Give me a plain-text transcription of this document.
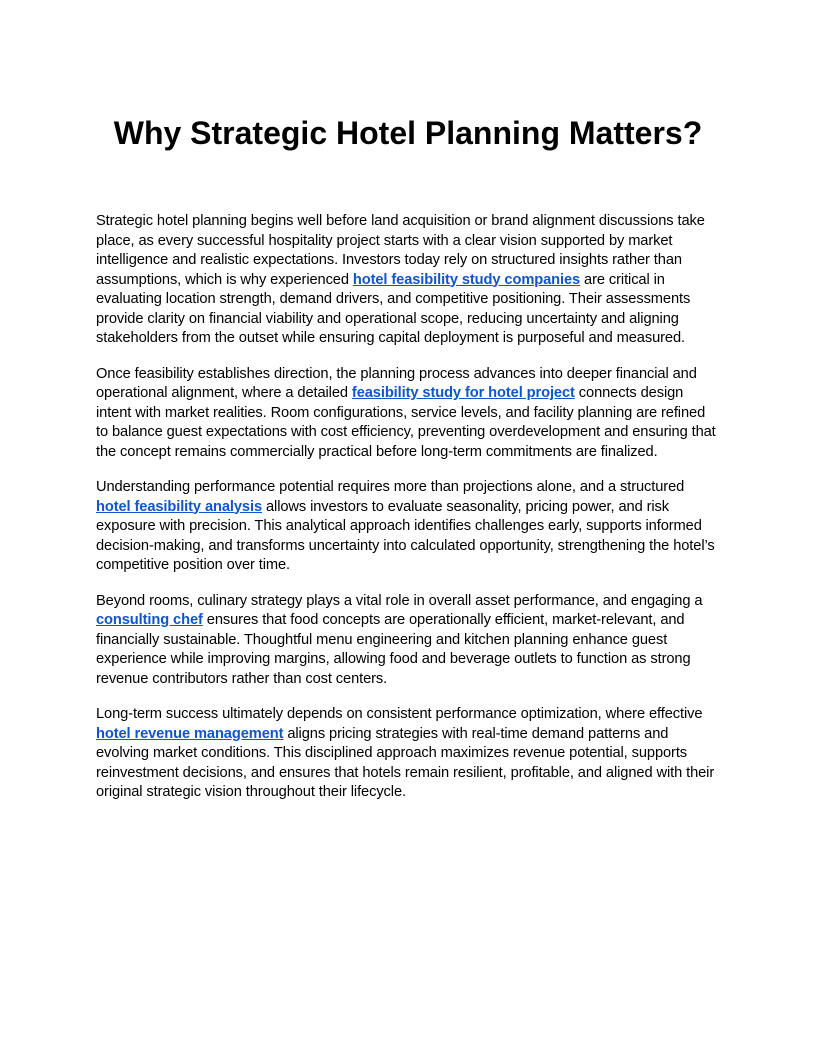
Why Strategic Hotel Planning Matters?

Strategic hotel planning begins well before land acquisition or brand alignment discussions take place, as every successful hospitality project starts with a clear vision supported by market intelligence and realistic expectations. Investors today rely on structured insights rather than assumptions, which is why experienced hotel feasibility study companies are critical in evaluating location strength, demand drivers, and competitive positioning. Their assessments provide clarity on financial viability and operational scope, reducing uncertainty and aligning stakeholders from the outset while ensuring capital deployment is purposeful and measured.

Once feasibility establishes direction, the planning process advances into deeper financial and operational alignment, where a detailed feasibility study for hotel project connects design intent with market realities. Room configurations, service levels, and facility planning are refined to balance guest expectations with cost efficiency, preventing overdevelopment and ensuring that the concept remains commercially practical before long-term commitments are finalized.

Understanding performance potential requires more than projections alone, and a structured hotel feasibility analysis allows investors to evaluate seasonality, pricing power, and risk exposure with precision. This analytical approach identifies challenges early, supports informed decision-making, and transforms uncertainty into calculated opportunity, strengthening the hotel’s competitive position over time.

Beyond rooms, culinary strategy plays a vital role in overall asset performance, and engaging a consulting chef ensures that food concepts are operationally efficient, market-relevant, and financially sustainable. Thoughtful menu engineering and kitchen planning enhance guest experience while improving margins, allowing food and beverage outlets to function as strong revenue contributors rather than cost centers.

Long-term success ultimately depends on consistent performance optimization, where effective hotel revenue management aligns pricing strategies with real-time demand patterns and evolving market conditions. This disciplined approach maximizes revenue potential, supports reinvestment decisions, and ensures that hotels remain resilient, profitable, and aligned with their original strategic vision throughout their lifecycle.
